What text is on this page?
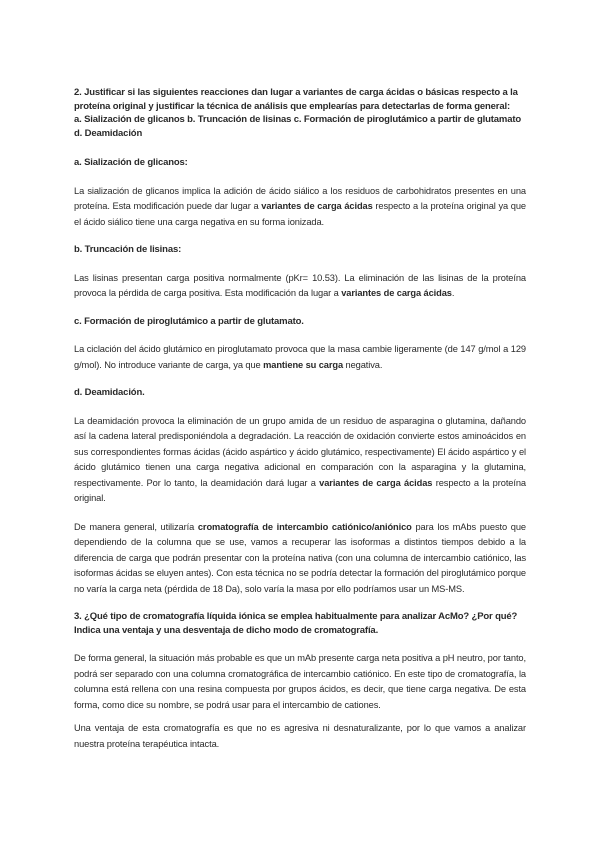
2. Justificar si las siguientes reacciones dan lugar a variantes de carga ácidas o básicas respecto a la proteína original y justificar la técnica de análisis que emplearías para detectarlas de forma general:
a. Sialización de glicanos b. Truncación de lisinas c. Formación de piroglutámico a partir de glutamato d. Deamidación
a. Sialización de glicanos:

La sialización de glicanos implica la adición de ácido siálico a los residuos de carbohidratos presentes en una proteína. Esta modificación puede dar lugar a variantes de carga ácidas respecto a la proteína original ya que el ácido siálico tiene una carga negativa en su forma ionizada.

b. Truncación de lisinas:

Las lisinas presentan carga positiva normalmente (pKr= 10.53). La eliminación de las lisinas de la proteína provoca la pérdida de carga positiva. Esta modificación da lugar a variantes de carga ácidas.

c. Formación de piroglutámico a partir de glutamato.

La ciclación del ácido glutámico en piroglutamato provoca que la masa cambie ligeramente (de 147 g/mol a 129 g/mol). No introduce variante de carga, ya que mantiene su carga negativa.

d. Deamidación.

La deamidación provoca la eliminación de un grupo amida de un residuo de asparagina o glutamina, dañando así la cadena lateral predisponiéndola a degradación. La reacción de oxidación convierte estos aminoácidos en sus correspondientes formas ácidas (ácido aspártico y ácido glutámico, respectivamente) El ácido aspártico y el ácido glutámico tienen una carga negativa adicional en comparación con la asparagina y la glutamina, respectivamente. Por lo tanto, la deamidación dará lugar a variantes de carga ácidas respecto a la proteína original.

De manera general, utilizaría cromatografía de intercambio catiónico/aniónico para los mAbs puesto que dependiendo de la columna que se use, vamos a recuperar las isoformas a distintos tiempos debido a la diferencia de carga que podrán presentar con la proteína nativa (con una columna de intercambio catiónico, las isoformas ácidas se eluyen antes). Con esta técnica no se podría detectar la formación del piroglutámico porque no varía la carga neta (pérdida de 18 Da), solo varía la masa por ello podríamos usar un MS-MS.

3. ¿Qué tipo de cromatografía líquida iónica se emplea habitualmente para analizar AcMo? ¿Por qué? Indica una ventaja y una desventaja de dicho modo de cromatografía.

De forma general, la situación más probable es que un mAb presente carga neta positiva a pH neutro, por tanto, podrá ser separado con una columna cromatográfica de intercambio catiónico. En este tipo de cromatografía, la columna está rellena con una resina compuesta por grupos ácidos, es decir, que tiene carga negativa. De esta forma, como dice su nombre, se podrá usar para el intercambio de cationes.

Una ventaja de esta cromatografía es que no es agresiva ni desnaturalizante, por lo que vamos a analizar nuestra proteína terapéutica intacta.
